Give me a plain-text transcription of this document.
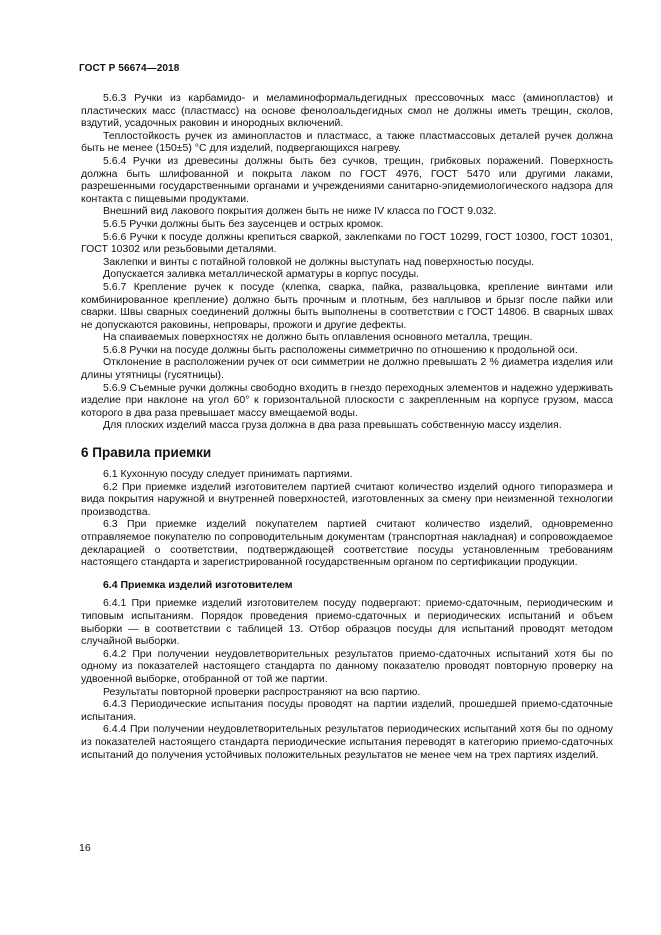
ГОСТ Р 56674—2018

5.6.3 Ручки из карбамидо- и меламиноформальдегидных прессовочных масс (аминопластов) и пластических масс (пластмасс) на основе фенолоальдегидных смол не должны иметь трещин, сколов, вздутий, усадочных раковин и инородных включений.

Теплостойкость ручек из аминопластов и пластмасс, а также пластмассовых деталей ручек должна быть не менее (150±5) °С для изделий, подвергающихся нагреву.

5.6.4 Ручки из древесины должны быть без сучков, трещин, грибковых поражений. Поверхность должна быть шлифованной и покрыта лаком по ГОСТ 4976, ГОСТ 5470 или другими лаками, разрешенными государственными органами и учреждениями санитарно-эпидемиологического надзора для контакта с пищевыми продуктами.

Внешний вид лакового покрытия должен быть не ниже IV класса по ГОСТ 9.032.

5.6.5 Ручки должны быть без заусенцев и острых кромок.

5.6.6 Ручки к посуде должны крепиться сваркой, заклепками по ГОСТ 10299, ГОСТ 10300, ГОСТ 10301, ГОСТ 10302 или резьбовыми деталями.

Заклепки и винты с потайной головкой не должны выступать над поверхностью посуды.

Допускается заливка металлической арматуры в корпус посуды.

5.6.7 Крепление ручек к посуде (клепка, сварка, пайка, развальцовка, крепление винтами или комбинированное крепление) должно быть прочным и плотным, без наплывов и брызг после пайки или сварки. Швы сварных соединений должны быть выполнены в соответствии с ГОСТ 14806. В сварных швах не допускаются раковины, непровары, прожоги и другие дефекты.

На спаиваемых поверхностях не должно быть оплавления основного металла, трещин.

5.6.8 Ручки на посуде должны быть расположены симметрично по отношению к продольной оси.

Отклонение в расположении ручек от оси симметрии не должно превышать 2 % диаметра изделия или длины утятницы (гусятницы).

5.6.9 Съемные ручки должны свободно входить в гнездо переходных элементов и надежно удерживать изделие при наклоне на угол 60° к горизонтальной плоскости с закрепленным на корпусе грузом, масса которого в два раза превышает массу вмещаемой воды.

Для плоских изделий масса груза должна в два раза превышать собственную массу изделия.

6 Правила приемки

6.1 Кухонную посуду следует принимать партиями.

6.2 При приемке изделий изготовителем партией считают количество изделий одного типоразмера и вида покрытия наружной и внутренней поверхностей, изготовленных за смену при неизменной технологии производства.

6.3 При приемке изделий покупателем партией считают количество изделий, одновременно отправляемое покупателю по сопроводительным документам (транспортная накладная) и сопровождаемое декларацией о соответствии, подтверждающей соответствие посуды установленным требованиям настоящего стандарта и зарегистрированной государственным органом по сертификации продукции.

6.4 Приемка изделий изготовителем

6.4.1 При приемке изделий изготовителем посуду подвергают: приемо-сдаточным, периодическим и типовым испытаниям. Порядок проведения приемо-сдаточных и периодических испытаний и объем выборки — в соответствии с таблицей 13. Отбор образцов посуды для испытаний проводят методом случайной выборки.

6.4.2 При получении неудовлетворительных результатов приемо-сдаточных испытаний хотя бы по одному из показателей настоящего стандарта по данному показателю проводят повторную проверку на удвоенной выборке, отобранной от той же партии.

Результаты повторной проверки распространяют на всю партию.

6.4.3 Периодические испытания посуды проводят на партии изделий, прошедшей приемо-сдаточные испытания.

6.4.4 При получении неудовлетворительных результатов периодических испытаний хотя бы по одному из показателей настоящего стандарта периодические испытания переводят в категорию приемо-сдаточных испытаний до получения устойчивых положительных результатов не менее чем на трех партиях изделий.

16
